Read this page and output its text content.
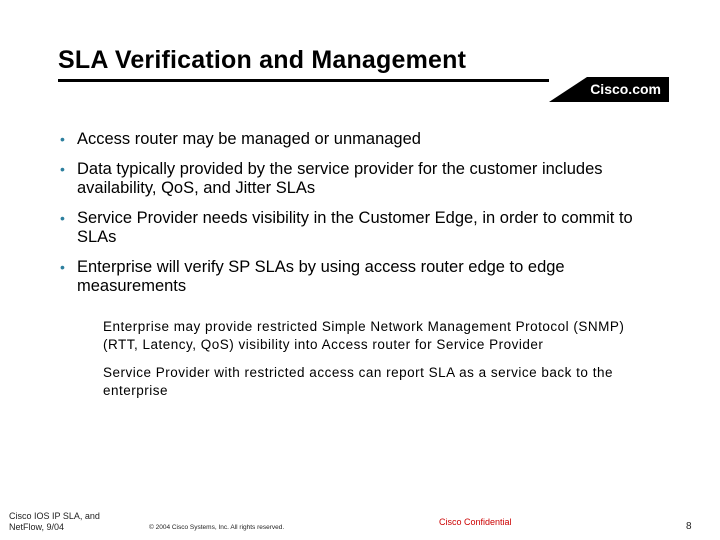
SLA Verification and Management
Cisco.com
• Access router may be managed or unmanaged
• Data typically provided by the service provider for the customer includes availability, QoS, and Jitter SLAs
• Service Provider needs visibility in the Customer Edge, in order to commit to SLAs
• Enterprise will verify SP SLAs by using access router edge to edge measurements
Enterprise may provide restricted Simple Network Management Protocol (SNMP) (RTT, Latency, QoS) visibility into Access router for Service Provider
Service Provider with restricted access can report SLA as a service back to the enterprise
Cisco IOS IP SLA, and
NetFlow, 9/04	© 2004 Cisco Systems, Inc. All rights reserved.
Cisco Confidential	8
